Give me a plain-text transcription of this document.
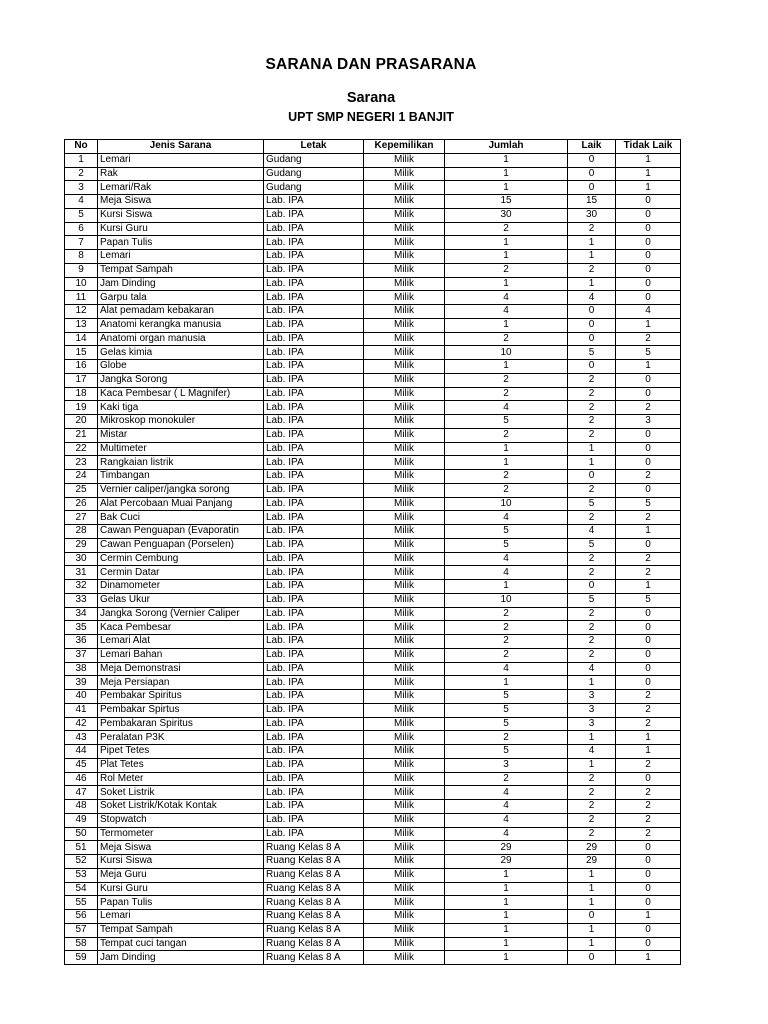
SARANA DAN PRASARANA
Sarana
UPT SMP NEGERI 1 BANJIT
No	Jenis Sarana	Letak	Kepemilikan	Jumlah	Laik	Tidak Laik
1	Lemari	Gudang	Milik	1	0	1
2	Rak	Gudang	Milik	1	0	1
3	Lemari/Rak	Gudang	Milik	1	0	1
4	Meja Siswa	Lab. IPA	Milik	15	15	0
5	Kursi Siswa	Lab. IPA	Milik	30	30	0
6	Kursi Guru	Lab. IPA	Milik	2	2	0
7	Papan Tulis	Lab. IPA	Milik	1	1	0
8	Lemari	Lab. IPA	Milik	1	1	0
9	Tempat Sampah	Lab. IPA	Milik	2	2	0
10	Jam Dinding	Lab. IPA	Milik	1	1	0
11	Garpu tala	Lab. IPA	Milik	4	4	0
12	Alat pemadam kebakaran	Lab. IPA	Milik	4	0	4
13	Anatomi kerangka manusia	Lab. IPA	Milik	1	0	1
14	Anatomi organ manusia	Lab. IPA	Milik	2	0	2
15	Gelas kimia	Lab. IPA	Milik	10	5	5
16	Globe	Lab. IPA	Milik	1	0	1
17	Jangka Sorong	Lab. IPA	Milik	2	2	0
18	Kaca Pembesar ( L Magnifer)	Lab. IPA	Milik	2	2	0
19	Kaki tiga	Lab. IPA	Milik	4	2	2
20	Mikroskop monokuler	Lab. IPA	Milik	5	2	3
21	Mistar	Lab. IPA	Milik	2	2	0
22	Multimeter	Lab. IPA	Milik	1	1	0
23	Rangkaian listrik	Lab. IPA	Milik	1	1	0
24	Timbangan	Lab. IPA	Milik	2	0	2
25	Vernier caliper/jangka sorong	Lab. IPA	Milik	2	2	0
26	Alat Percobaan Muai Panjang	Lab. IPA	Milik	10	5	5
27	Bak Cuci	Lab. IPA	Milik	4	2	2
28	Cawan Penguapan (Evaporatin	Lab. IPA	Milik	5	4	1
29	Cawan Penguapan (Porselen)	Lab. IPA	Milik	5	5	0
30	Cermin Cembung	Lab. IPA	Milik	4	2	2
31	Cermin Datar	Lab. IPA	Milik	4	2	2
32	Dinamometer	Lab. IPA	Milik	1	0	1
33	Gelas Ukur	Lab. IPA	Milik	10	5	5
34	Jangka Sorong (Vernier Caliper	Lab. IPA	Milik	2	2	0
35	Kaca Pembesar	Lab. IPA	Milik	2	2	0
36	Lemari Alat	Lab. IPA	Milik	2	2	0
37	Lemari Bahan	Lab. IPA	Milik	2	2	0
38	Meja Demonstrasi	Lab. IPA	Milik	4	4	0
39	Meja Persiapan	Lab. IPA	Milik	1	1	0
40	Pembakar Spiritus	Lab. IPA	Milik	5	3	2
41	Pembakar Spirtus	Lab. IPA	Milik	5	3	2
42	Pembakaran Spiritus	Lab. IPA	Milik	5	3	2
43	Peralatan P3K	Lab. IPA	Milik	2	1	1
44	Pipet Tetes	Lab. IPA	Milik	5	4	1
45	Plat Tetes	Lab. IPA	Milik	3	1	2
46	Rol Meter	Lab. IPA	Milik	2	2	0
47	Soket Listrik	Lab. IPA	Milik	4	2	2
48	Soket Listrik/Kotak Kontak	Lab. IPA	Milik	4	2	2
49	Stopwatch	Lab. IPA	Milik	4	2	2
50	Termometer	Lab. IPA	Milik	4	2	2
51	Meja Siswa	Ruang Kelas 8 A	Milik	29	29	0
52	Kursi Siswa	Ruang Kelas 8 A	Milik	29	29	0
53	Meja Guru	Ruang Kelas 8 A	Milik	1	1	0
54	Kursi Guru	Ruang Kelas 8 A	Milik	1	1	0
55	Papan Tulis	Ruang Kelas 8 A	Milik	1	1	0
56	Lemari	Ruang Kelas 8 A	Milik	1	0	1
57	Tempat Sampah	Ruang Kelas 8 A	Milik	1	1	0
58	Tempat cuci tangan	Ruang Kelas 8 A	Milik	1	1	0
59	Jam Dinding	Ruang Kelas 8 A	Milik	1	0	1
